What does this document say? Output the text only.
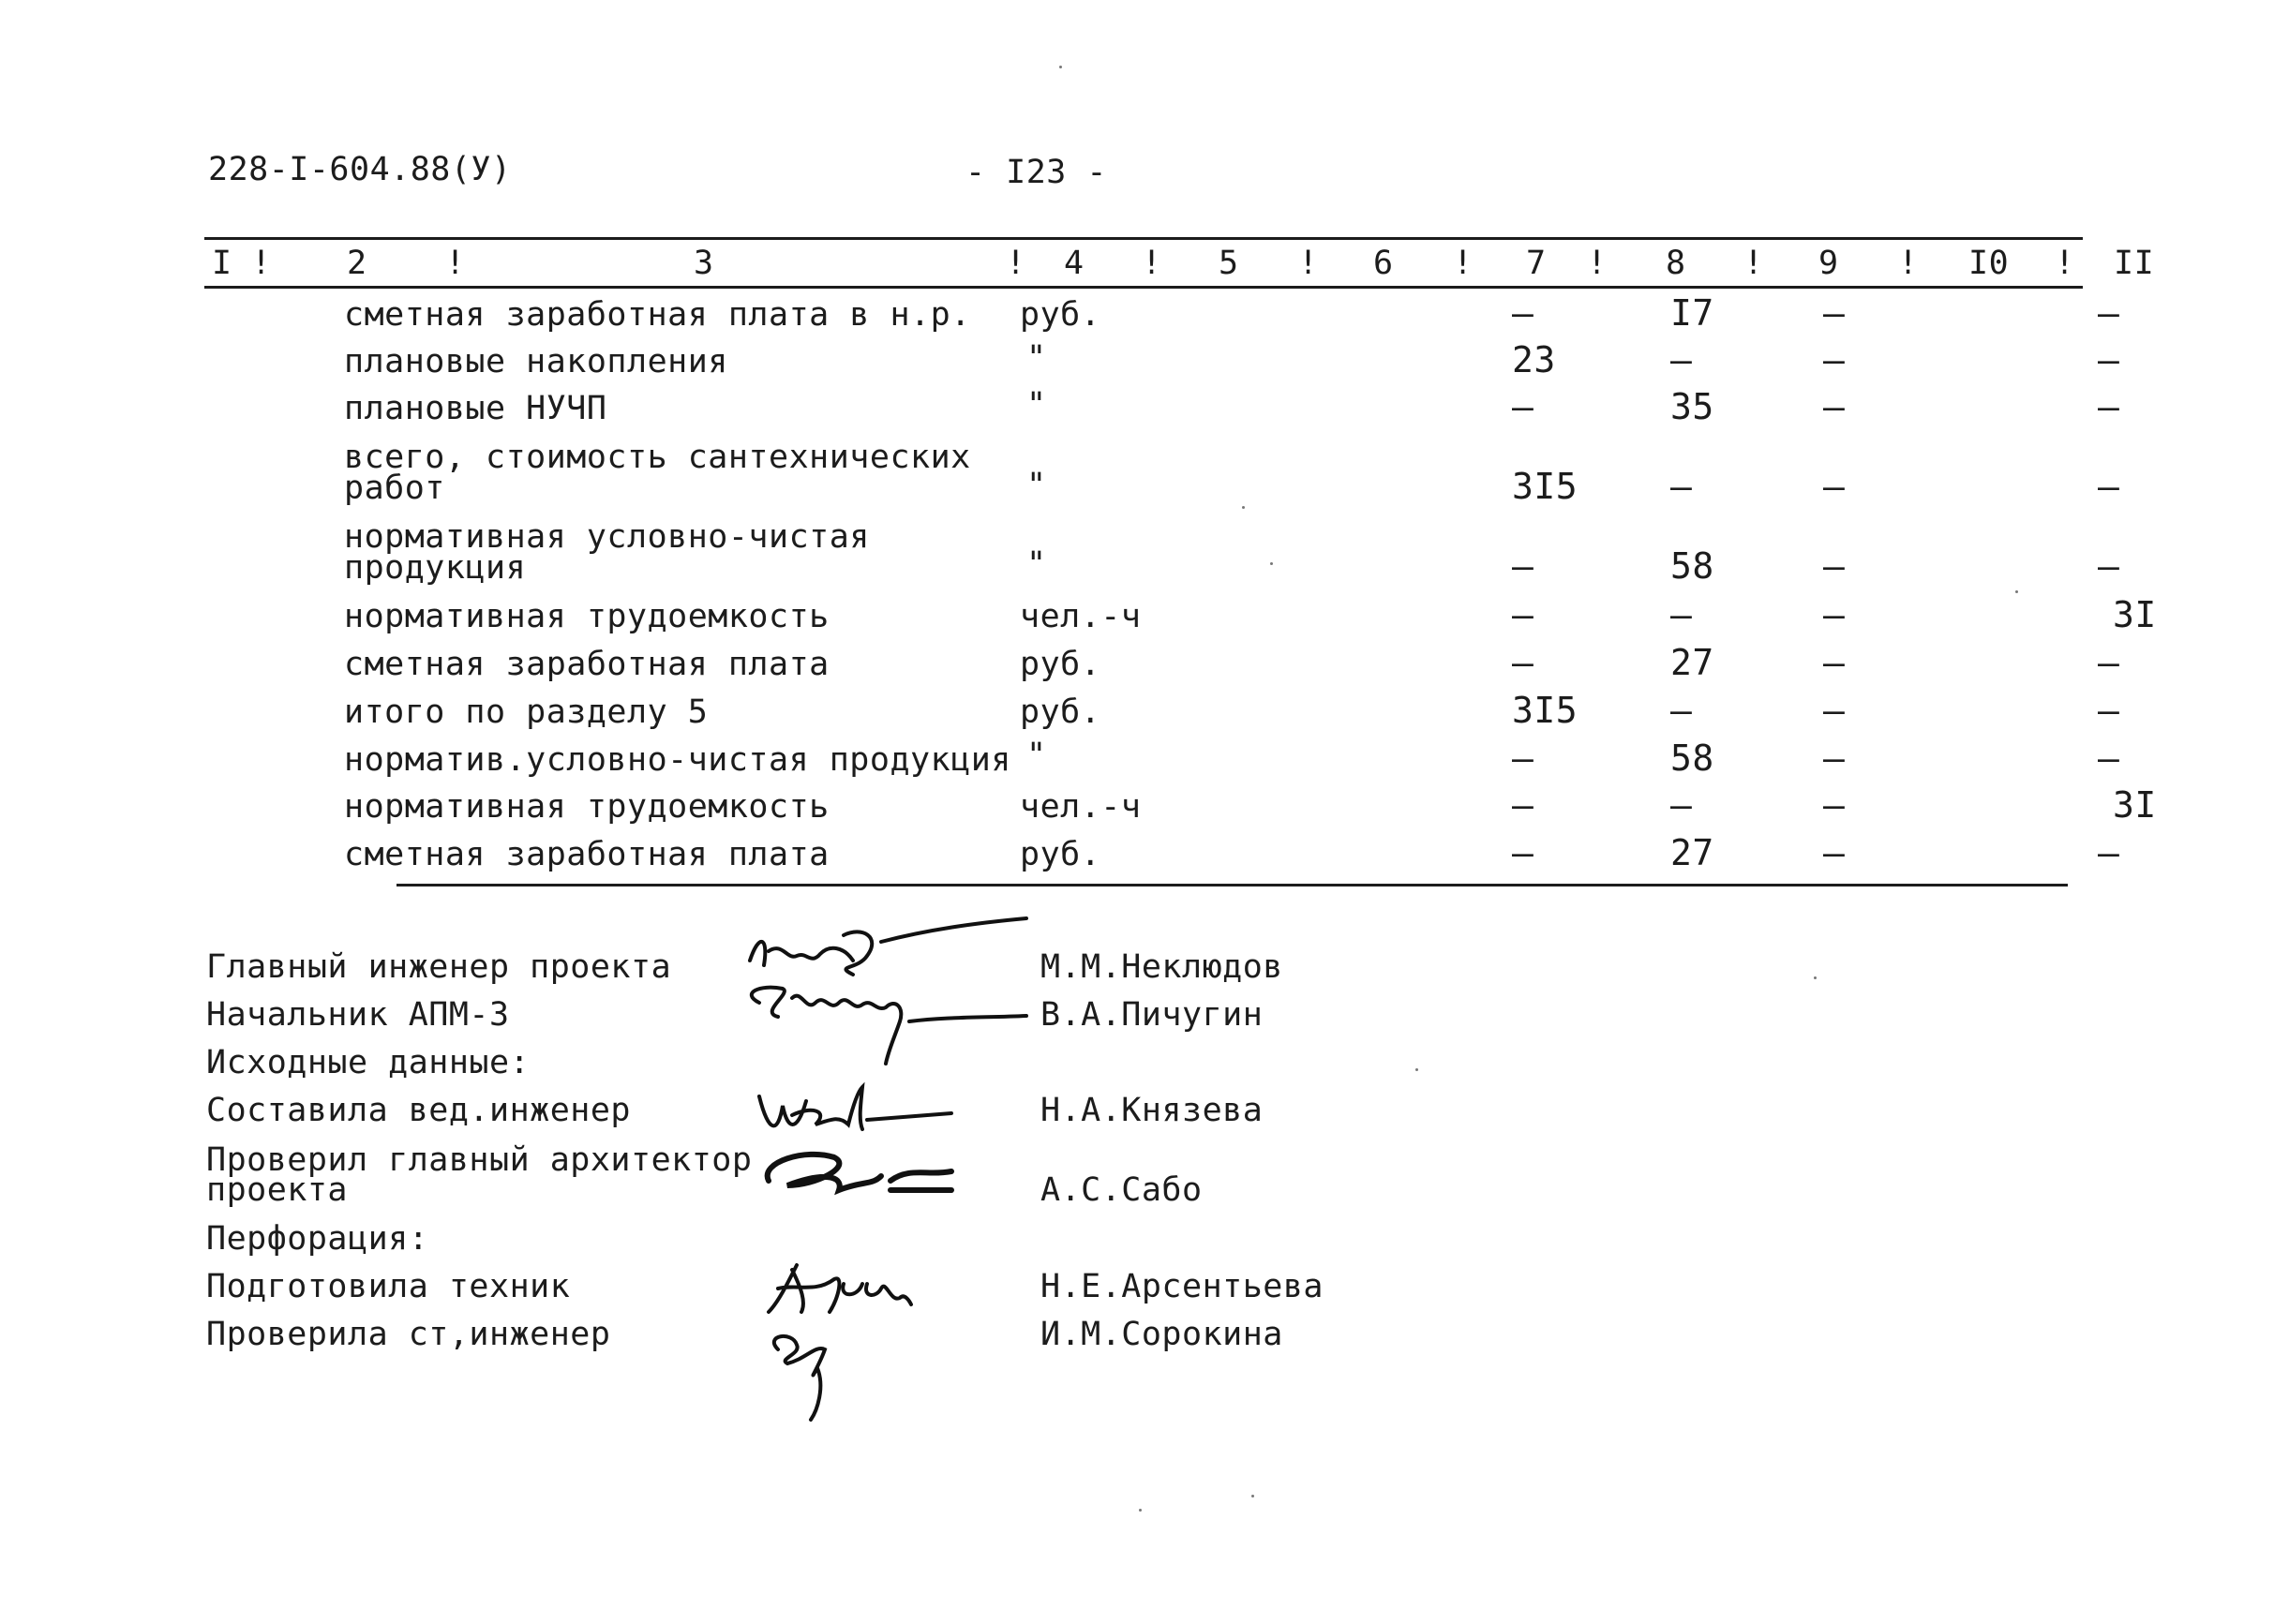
228-I-604.88(У)	- I23 -
I ! 2 !	3	! 4 ! 5 ! 6 ! 7 ! 8 ! 9 ! I0 ! II
сметная заработная плата в н.р. руб.	–	I7	–	–
плановые накопления	"	23	–	–	–
плановые НУЧП	"	–	35	–	–
всего, стоимость сантехнических
работ	"	3I5	–	–	–
нормативная условно-чистая
продукция	"	–	58	–	–
нормативная трудоемкость	чел.-ч	–	–	–	3I
сметная заработная плата	руб.	–	27	–	–
итого по разделу 5	руб.	3I5	–	–	–
норматив.условно-чистая продукция "	–	58	–	–
нормативная трудоемкость	чел.-ч	–	–	–	3I
сметная заработная плата	руб.	–	27	–	–
Главный инженер проекта	М.М.Неклюдов
Начальник АПМ-3	В.А.Пичугин
Исходные данные:
Составила вед.инженер	Н.А.Князева
Проверил главный архитектор
проекта	А.С.Сабо
Перфорация:
Подготовила техник	Н.Е.Арсентьева
Проверила ст,инженер	И.М.Сорокина
